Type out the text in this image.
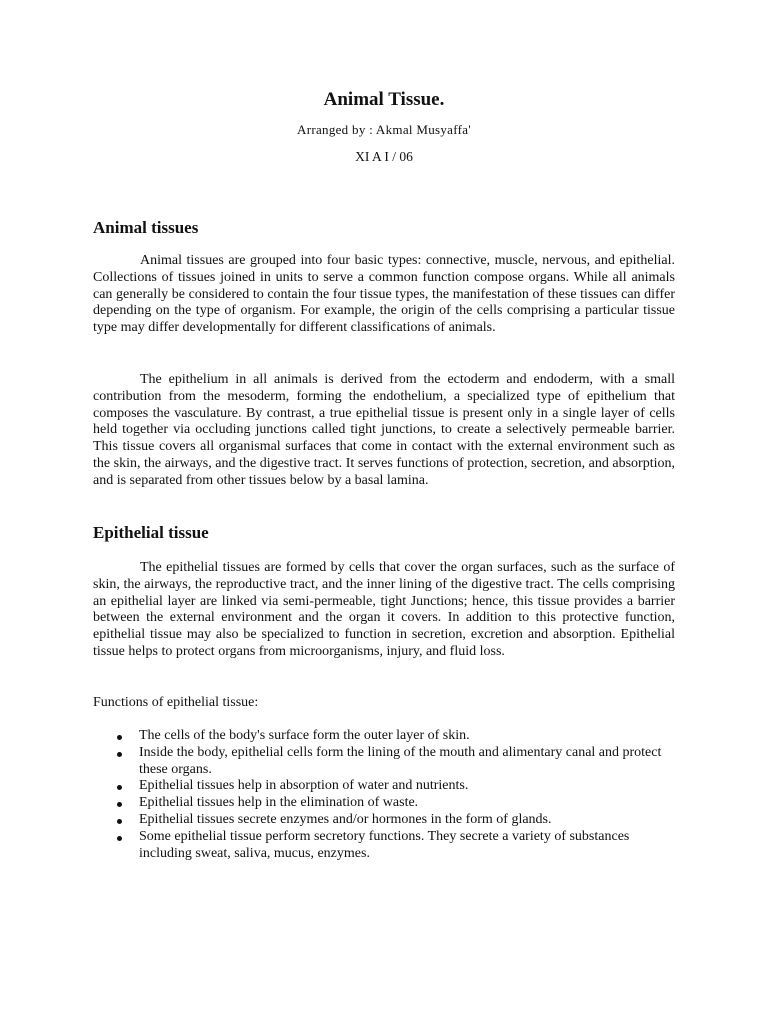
Animal Tissue.

Arranged by : Akmal Musyaffa'

XI A I / 06

Animal tissues

Animal tissues are grouped into four basic types: connective, muscle, nervous, and epithelial. Collections of tissues joined in units to serve a common function compose organs. While all animals can generally be considered to contain the four tissue types, the manifestation of these tissues can differ depending on the type of organism. For example, the origin of the cells comprising a particular tissue type may differ developmentally for different classifications of animals.

The epithelium in all animals is derived from the ectoderm and endoderm, with a small contribution from the mesoderm, forming the endothelium, a specialized type of epithelium that composes the vasculature. By contrast, a true epithelial tissue is present only in a single layer of cells held together via occluding junctions called tight junctions, to create a selectively permeable barrier. This tissue covers all organismal surfaces that come in contact with the external environment such as the skin, the airways, and the digestive tract. It serves functions of protection, secretion, and absorption, and is separated from other tissues below by a basal lamina.

Epithelial tissue

The epithelial tissues are formed by cells that cover the organ surfaces, such as the surface of skin, the airways, the reproductive tract, and the inner lining of the digestive tract. The cells comprising an epithelial layer are linked via semi-permeable, tight Junctions; hence, this tissue provides a barrier between the external environment and the organ it covers. In addition to this protective function, epithelial tissue may also be specialized to function in secretion, excretion and absorption. Epithelial tissue helps to protect organs from microorganisms, injury, and fluid loss.

Functions of epithelial tissue:

The cells of the body's surface form the outer layer of skin.
Inside the body, epithelial cells form the lining of the mouth and alimentary canal and protect these organs.
Epithelial tissues help in absorption of water and nutrients.
Epithelial tissues help in the elimination of waste.
Epithelial tissues secrete enzymes and/or hormones in the form of glands.
Some epithelial tissue perform secretory functions. They secrete a variety of substances including sweat, saliva, mucus, enzymes.
